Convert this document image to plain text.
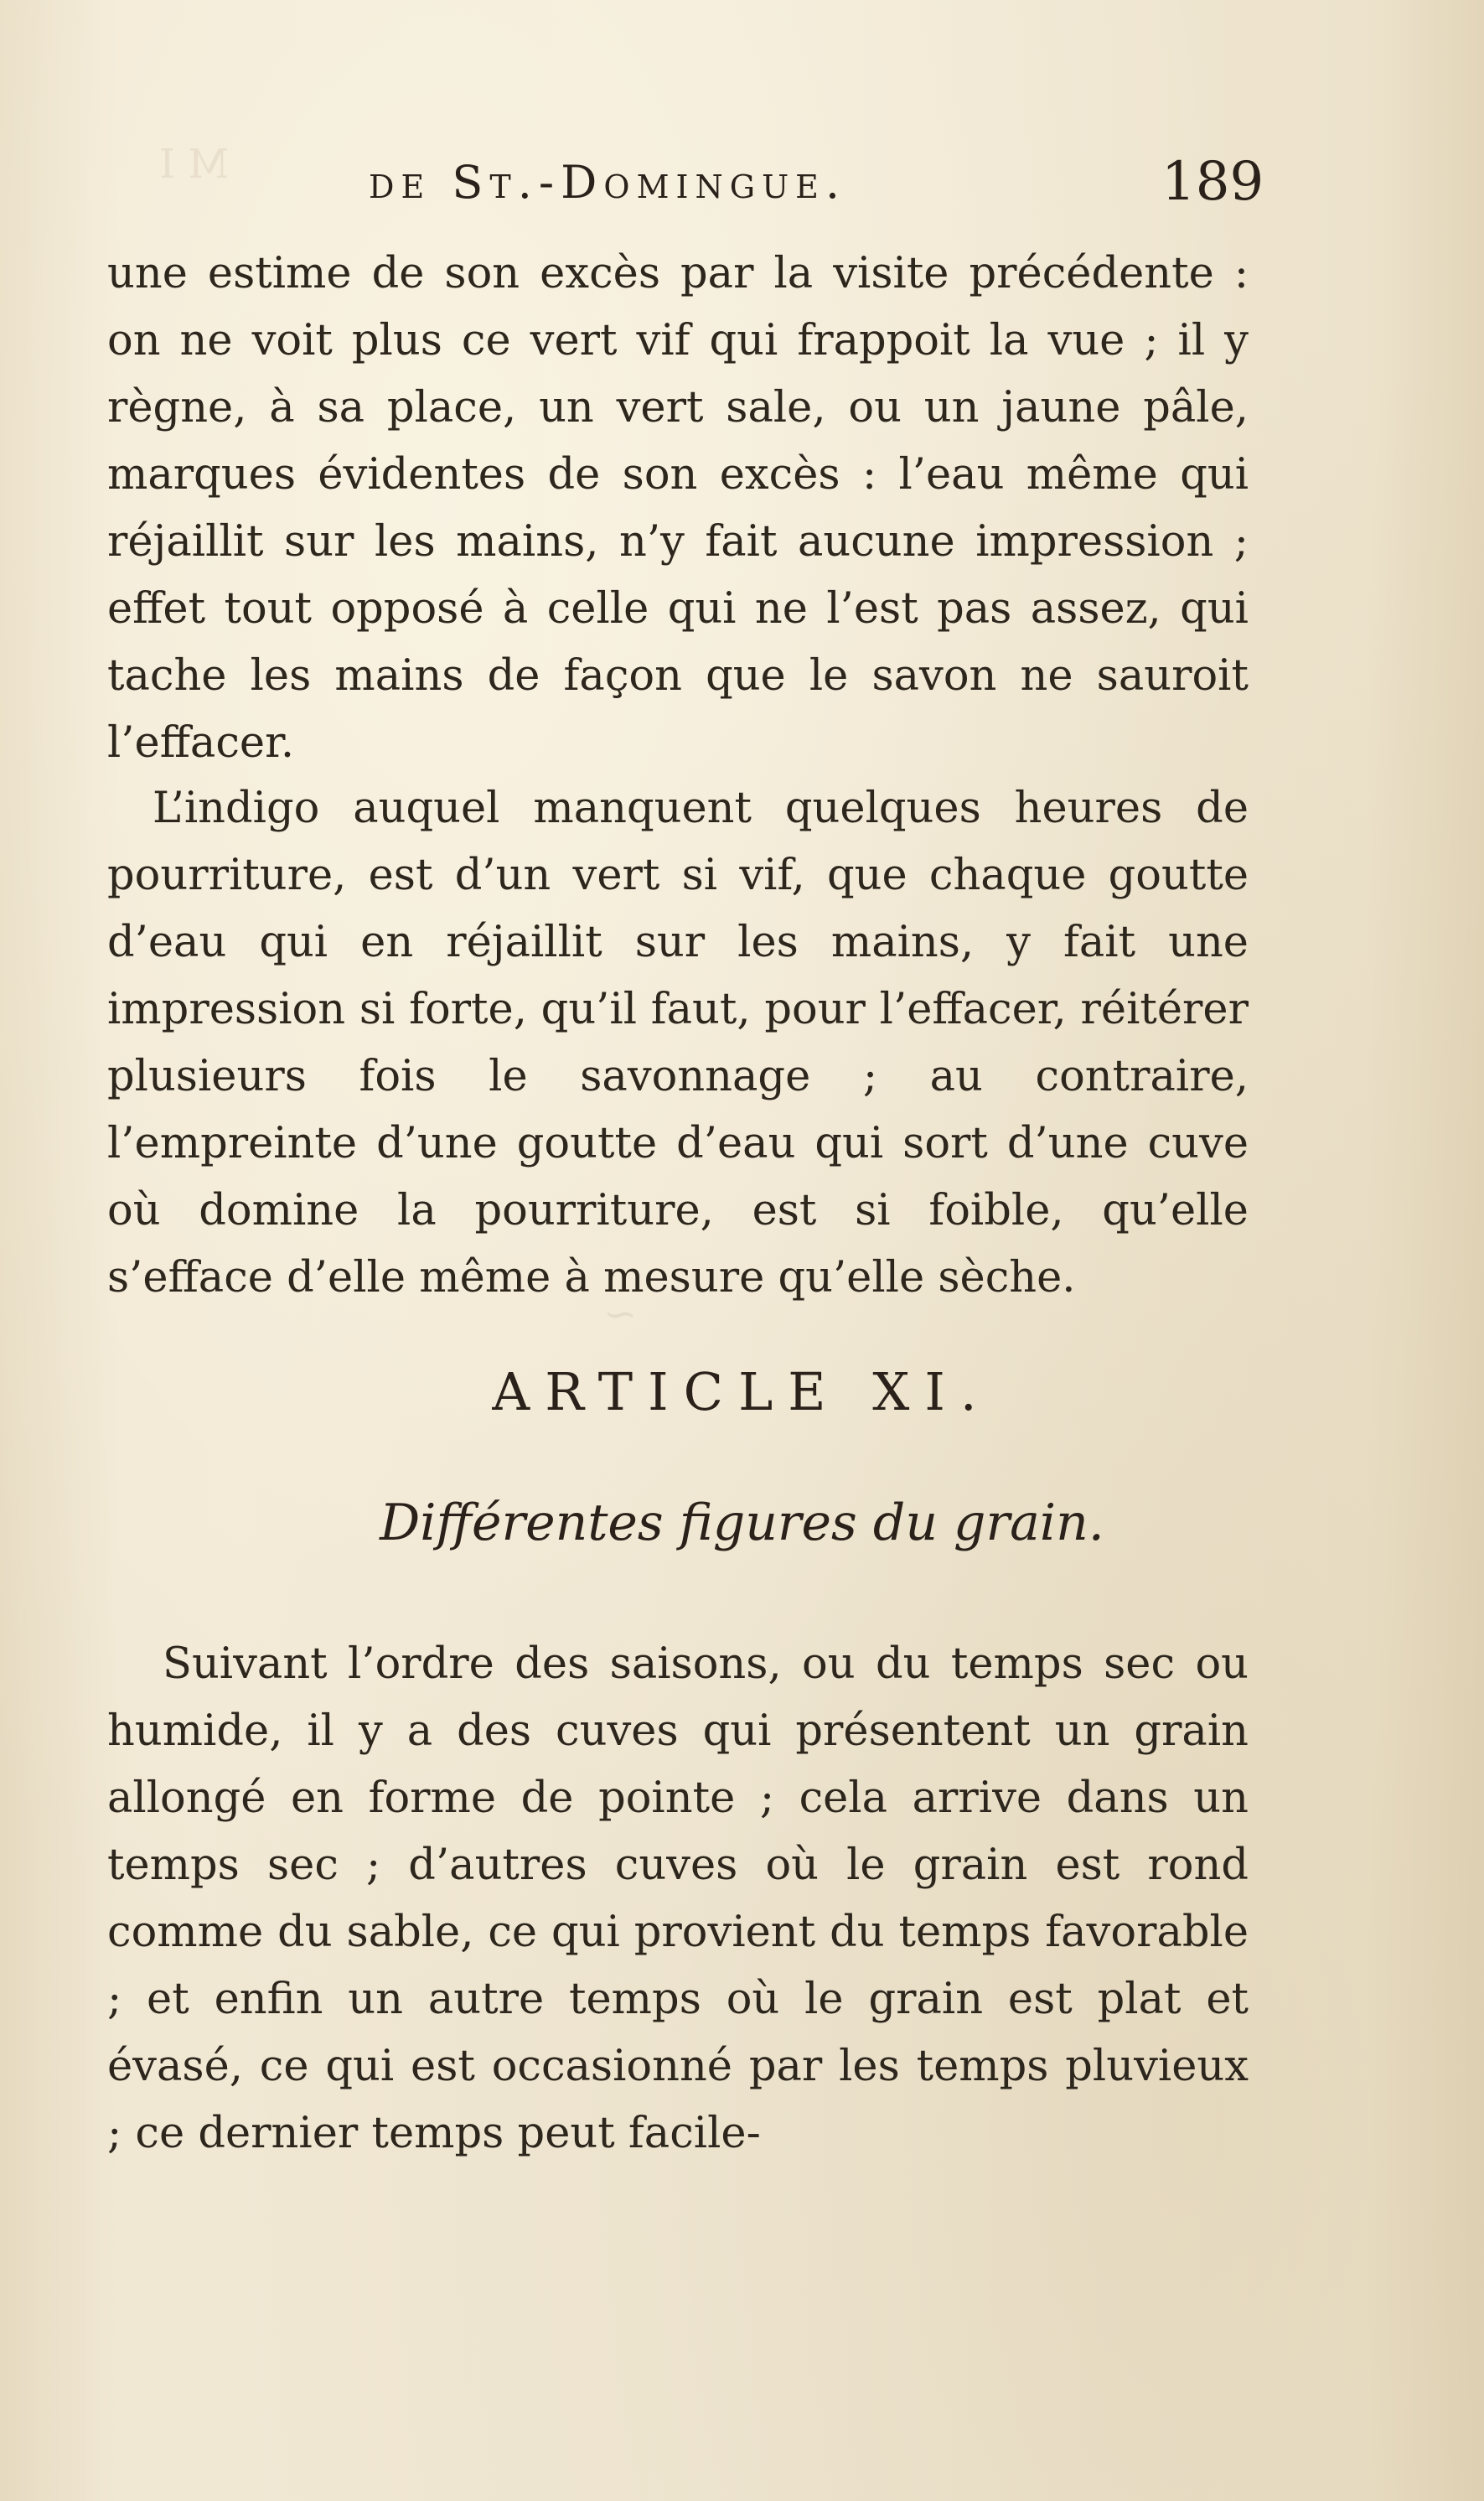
M I
~
de St.-Domingue.	189
une estime de son excès par la visite précédente : on ne voit plus ce vert vif qui frappoit la vue ; il y règne, à sa place, un vert sale, ou un jaune pâle, marques évidentes de son excès : l’eau même qui réjaillit sur les mains, n’y fait aucune impression ; effet tout opposé à celle qui ne l’est pas assez, qui tache les mains de façon que le savon ne sauroit l’effacer.
L’indigo auquel manquent quelques heures de pourriture, est d’un vert si vif, que chaque goutte d’eau qui en réjaillit sur les mains, y fait une impression si forte, qu’il faut, pour l’effacer, réitérer plusieurs fois le savonnage ; au contraire, l’empreinte d’une goutte d’eau qui sort d’une cuve où domine la pourriture, est si foible, qu’elle s’efface d’elle même à mesure qu’elle sèche.
ARTICLE XI.
Différentes figures du grain.
Suivant l’ordre des saisons, ou du temps sec ou humide, il y a des cuves qui présentent un grain allongé en forme de pointe ; cela arrive dans un temps sec ; d’autres cuves où le grain est rond comme du sable, ce qui provient du temps favorable ; et enfin un autre temps où le grain est plat et évasé, ce qui est occasionné par les temps pluvieux ; ce dernier temps peut facile-
